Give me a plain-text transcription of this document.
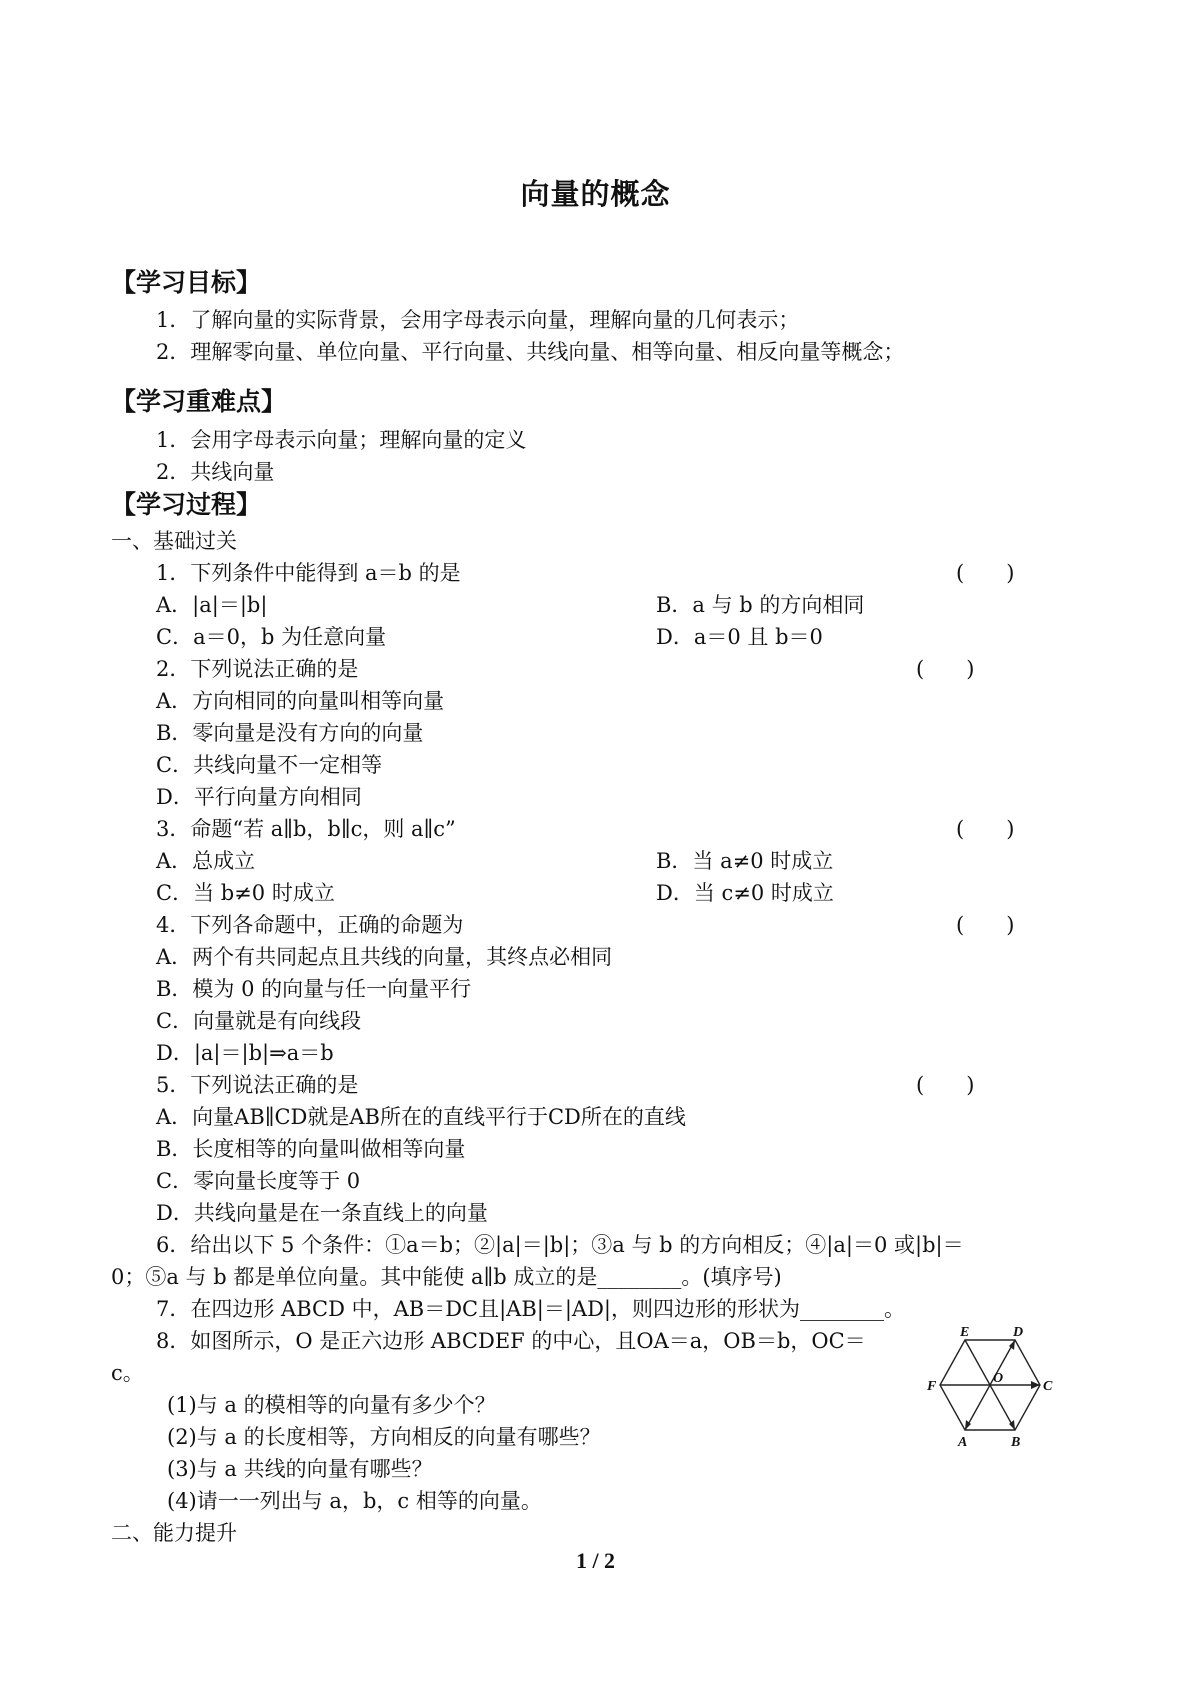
向量的概念
【学习目标】
1．了解向量的实际背景，会用字母表示向量，理解向量的几何表示；
2．理解零向量、单位向量、平行向量、共线向量、相等向量、相反向量等概念；
【学习重难点】
1．会用字母表示向量；理解向量的定义
2．共线向量
【学习过程】
一、基础过关
1．下列条件中能得到 a＝b 的是	(　　)
A．|a|＝|b|	B．a 与 b 的方向相同
C．a＝0，b 为任意向量	D．a＝0 且 b＝0
2．下列说法正确的是	(　　)
A．方向相同的向量叫相等向量
B．零向量是没有方向的向量
C．共线向量不一定相等
D．平行向量方向相同
3．命题“若 a∥b，b∥c，则 a∥c”	(　　)
A．总成立	B．当 a≠0 时成立
C．当 b≠0 时成立	D．当 c≠0 时成立
4．下列各命题中，正确的命题为	(　　)
A．两个有共同起点且共线的向量，其终点必相同
B．模为 0 的向量与任一向量平行
C．向量就是有向线段
D．|a|＝|b|⇒a＝b
5．下列说法正确的是	(　　)
A．向量AB∥CD就是AB所在的直线平行于CD所在的直线
B．长度相等的向量叫做相等向量
C．零向量长度等于 0
D．共线向量是在一条直线上的向量
6．给出以下 5 个条件：①a＝b；②|a|＝|b|；③a 与 b 的方向相反；④|a|＝0 或|b|＝
0；⑤a 与 b 都是单位向量。其中能使 a∥b 成立的是________。(填序号)
7．在四边形 ABCD 中，AB＝DC且|AB|＝|AD|，则四边形的形状为________。
8．如图所示，O 是正六边形 ABCDEF 的中心，且OA＝a，OB＝b，OC＝
c。
(1)与 a 的模相等的向量有多少个？
(2)与 a 的长度相等，方向相反的向量有哪些？
(3)与 a 共线的向量有哪些？
(4)请一一列出与 a，b，c 相等的向量。
E	D
F	C
O
A	B
二、能力提升
1 / 2
